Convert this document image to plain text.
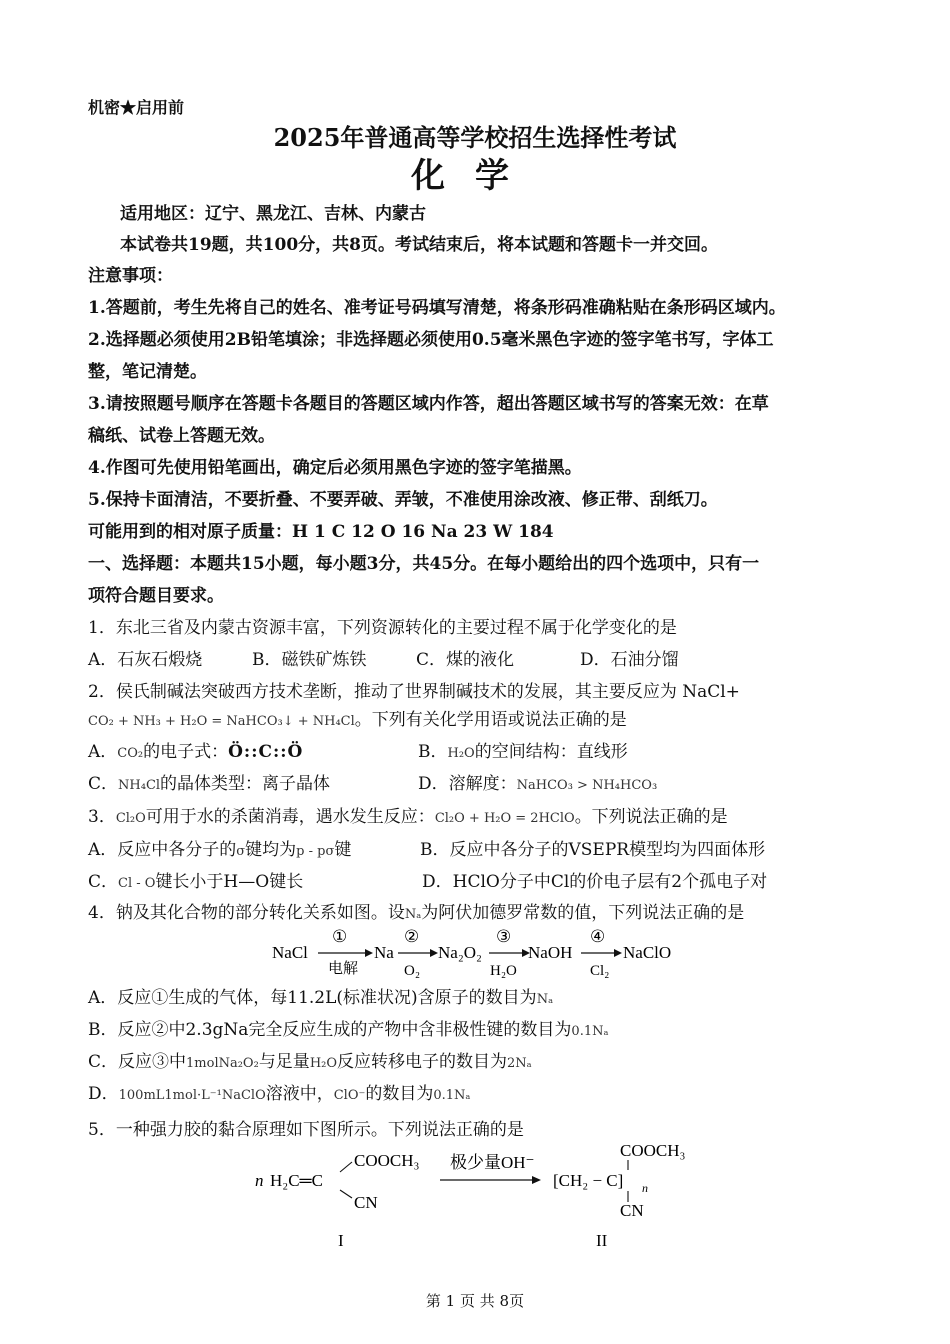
机密★启用前
2025年普通高等学校招生选择性考试
化学
适用地区：辽宁、黑龙江、吉林、内蒙古
本试卷共19题，共100分，共8页。考试结束后，将本试题和答题卡一并交回。
注意事项：
1.答题前，考生先将自己的姓名、准考证号码填写清楚，将条形码准确粘贴在条形码区域内。
2.选择题必须使用2B铅笔填涂；非选择题必须使用0.5毫米黑色字迹的签字笔书写，字体工
整，笔记清楚。
3.请按照题号顺序在答题卡各题目的答题区域内作答，超出答题区域书写的答案无效：在草
稿纸、试卷上答题无效。
4.作图可先使用铅笔画出，确定后必须用黑色字迹的签字笔描黑。
5.保持卡面清洁，不要折叠、不要弄破、弄皱，不准使用涂改液、修正带、刮纸刀。
可能用到的相对原子质量：H 1 C 12 O 16 Na 23 W 184
一、选择题：本题共15小题，每小题3分，共45分。在每小题给出的四个选项中，只有一
项符合题目要求。
1．东北三省及内蒙古资源丰富，下列资源转化的主要过程不属于化学变化的是
A．石灰石煅烧	B．磁铁矿炼铁	C．煤的液化	D．石油分馏
2．侯氏制碱法突破西方技术垄断，推动了世界制碱技术的发展，其主要反应为 NaCl+
CO₂ + NH₃ + H₂O = NaHCO₃↓ + NH₄Cl。下列有关化学用语或说法正确的是
A．CO₂的电子式：Ö::C::Ö	B．H₂O的空间结构：直线形
C．NH₄Cl的晶体类型：离子晶体	D．溶解度：NaHCO₃ > NH₄HCO₃
3．Cl₂O可用于水的杀菌消毒，遇水发生反应：Cl₂O + H₂O = 2HClO。下列说法正确的是
A．反应中各分子的σ键均为p - pσ键	B．反应中各分子的VSEPR模型均为四面体形
C．Cl - O键长小于H—O键长	D．HClO分子中Cl的价电子层有2个孤电子对
4．钠及其化合物的部分转化关系如图。设Nₐ为阿伏加德罗常数的值，下列说法正确的是
NaCl
①
电解
Na
②
O₂
Na₂O₂
③
H₂O
NaOH
④
Cl₂
NaClO
A．反应①生成的气体，每11.2L(标准状况)含原子的数目为Nₐ
B．反应②中2.3gNa完全反应生成的产物中含非极性键的数目为0.1Nₐ
C．反应③中1molNa₂O₂与足量H₂O反应转移电子的数目为2Nₐ
D．100mL1mol·L⁻¹NaClO溶液中，ClO⁻的数目为0.1Nₐ
5．一种强力胶的黏合原理如下图所示。下列说法正确的是
n H₂C═C
COOCH₃
CN
极少量OH⁻
COOCH₃
[CH₂ − C] n
CN
I	II
第 1 页 共 8页
